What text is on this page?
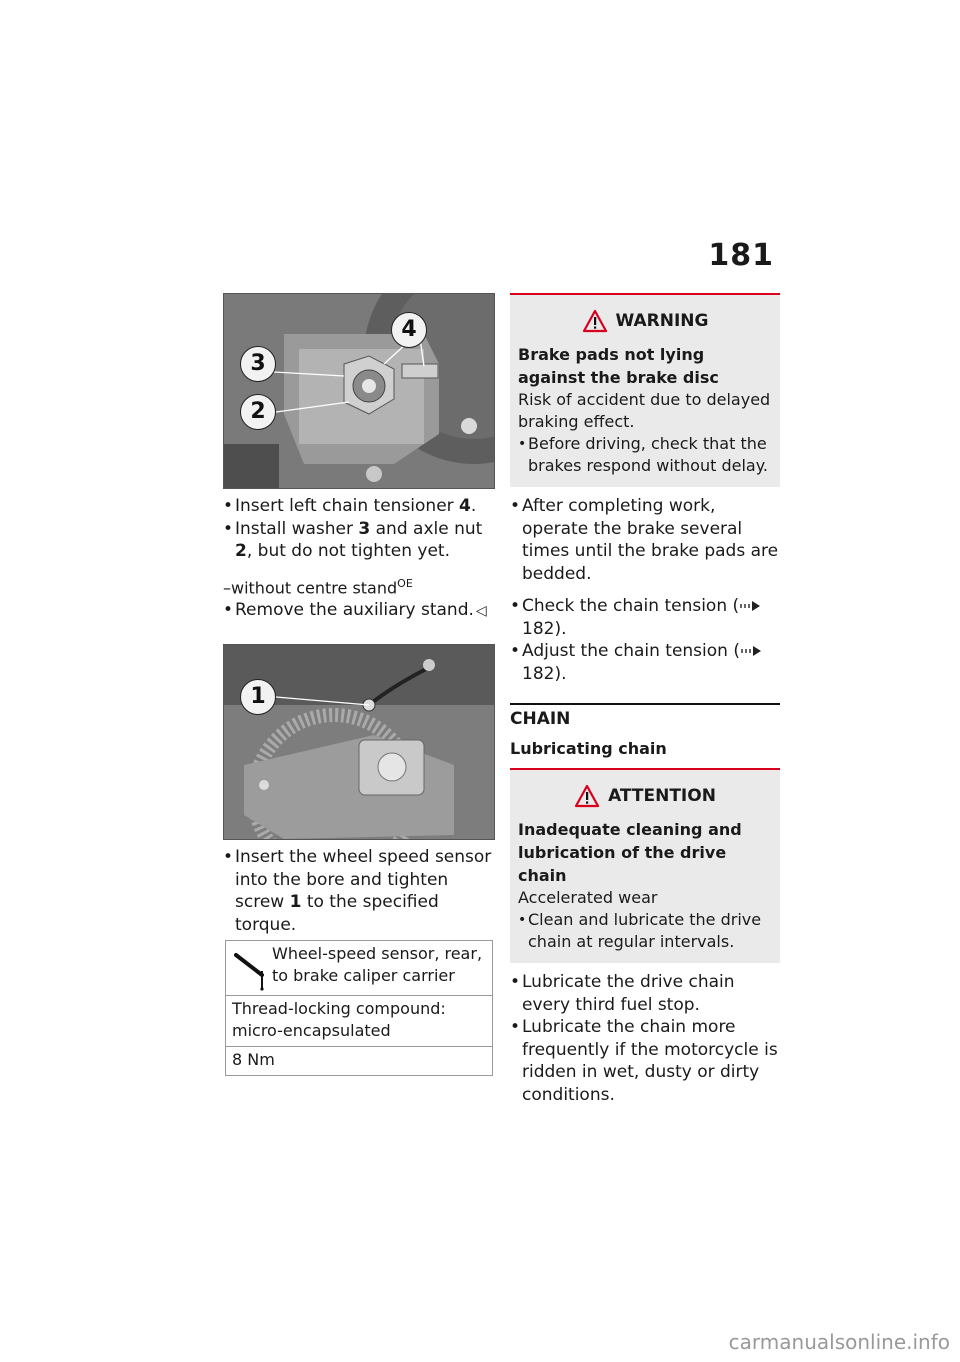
181
3
4
2
• Insert left chain tensioner 4.
• Install washer 3 and axle nut 2, but do not tighten yet.
–without centre stand$^{OE}$
• Remove the auxiliary stand. ◁
1
• Insert the wheel speed sensor into the bore and tighten screw 1 to the specified torque.
Wheel-speed sensor, rear, to brake caliper carrier
Thread-locking compound: micro-encapsulated
8 Nm
WARNING
Brake pads not lying against the brake disc
Risk of accident due to delayed braking effect.
• Before driving, check that the brakes respond without delay.
• After completing work, operate the brake several times until the brake pads are bedded.
• Check the chain tension ( 182).
• Adjust the chain tension ( 182).
CHAIN
Lubricating chain
ATTENTION
Inadequate cleaning and lubrication of the drive chain
Accelerated wear
• Clean and lubricate the drive chain at regular intervals.
• Lubricate the drive chain every third fuel stop.
• Lubricate the chain more frequently if the motorcycle is ridden in wet, dusty or dirty conditions.
carmanualsonline.info
